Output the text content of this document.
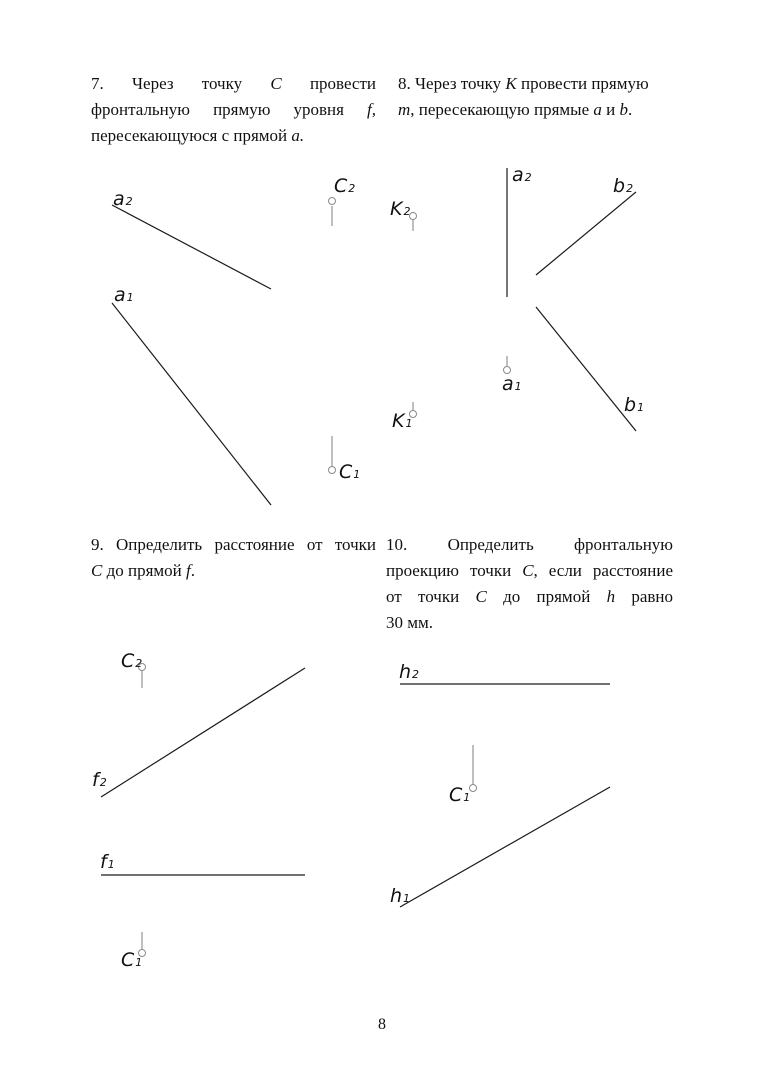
7. Через точку C провести
фронтальную прямую уровня f,
пересекающуюся с прямой a.
8. Через точку K провести прямую
m, пересекающую прямые a и b.
9. Определить расстояние от точки
C до прямой f.
10. Определить фронтальную
проекцию точки C, если расстояние
от точки C до прямой h равно
30 мм.
a2
a1
C2
C1
K2
K1
a2
a1
b2
b1
C2
C1
f2
f1
h2
h1
C1
8
